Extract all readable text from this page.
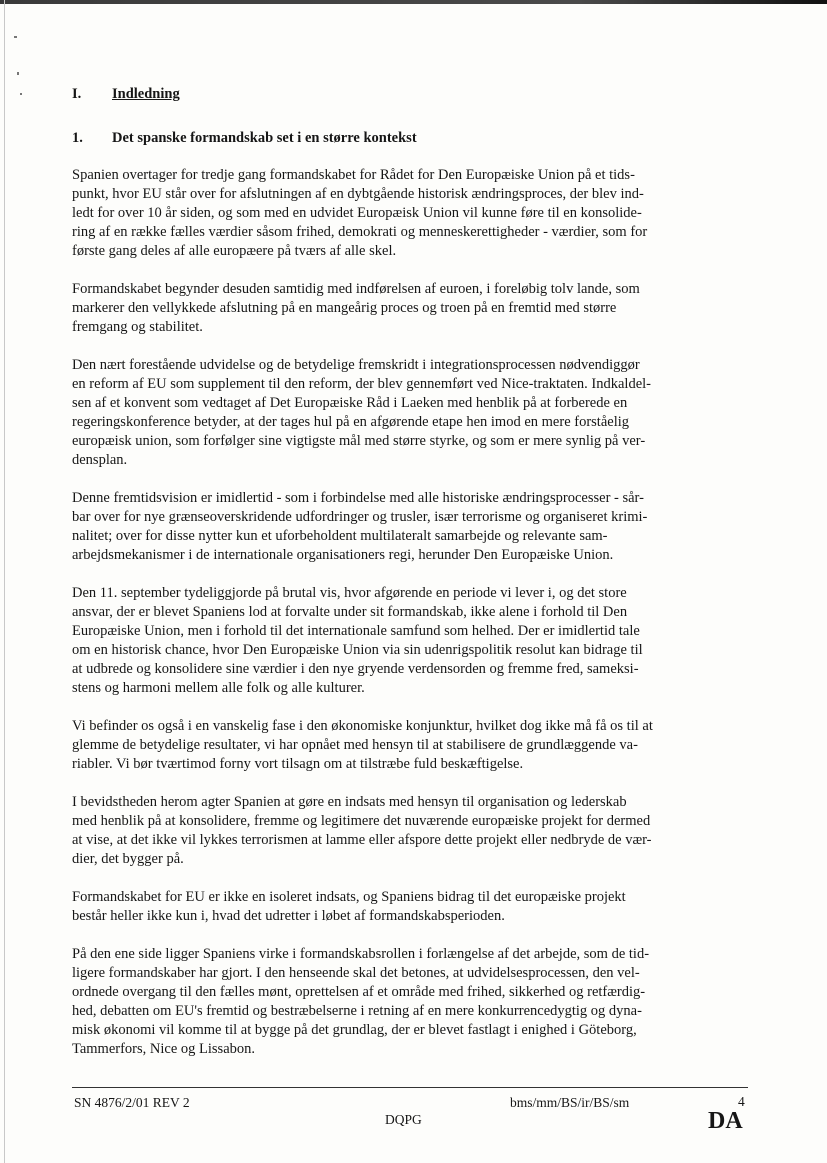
I.	Indledning
1.	Det spanske formandskab set i en større kontekst

Spanien overtager for tredje gang formandskabet for Rådet for Den Europæiske Union på et tids-
punkt, hvor EU står over for afslutningen af en dybtgående historisk ændringsproces, der blev ind-
ledt for over 10 år siden, og som med en udvidet Europæisk Union vil kunne føre til en konsolide-
ring af en række fælles værdier såsom frihed, demokrati og menneskerettigheder - værdier, som for
første gang deles af alle europæere på tværs af alle skel.

Formandskabet begynder desuden samtidig med indførelsen af euroen, i foreløbig tolv lande, som
markerer den vellykkede afslutning på en mangeårig proces og troen på en fremtid med større
fremgang og stabilitet.

Den nært forestående udvidelse og de betydelige fremskridt i integrationsprocessen nødvendiggør
en reform af EU som supplement til den reform, der blev gennemført ved Nice-traktaten. Indkaldel-
sen af et konvent som vedtaget af Det Europæiske Råd i Laeken med henblik på at forberede en
regeringskonference betyder, at der tages hul på en afgørende etape hen imod en mere forståelig
europæisk union, som forfølger sine vigtigste mål med større styrke, og som er mere synlig på ver-
densplan.

Denne fremtidsvision er imidlertid - som i forbindelse med alle historiske ændringsprocesser - sår-
bar over for nye grænseoverskridende udfordringer og trusler, især terrorisme og organiseret krimi-
nalitet; over for disse nytter kun et uforbeholdent multilateralt samarbejde og relevante sam-
arbejdsmekanismer i de internationale organisationers regi, herunder Den Europæiske Union.

Den 11. september tydeliggjorde på brutal vis, hvor afgørende en periode vi lever i, og det store
ansvar, der er blevet Spaniens lod at forvalte under sit formandskab, ikke alene i forhold til Den
Europæiske Union, men i forhold til det internationale samfund som helhed. Der er imidlertid tale
om en historisk chance, hvor Den Europæiske Union via sin udenrigspolitik resolut kan bidrage til
at udbrede og konsolidere sine værdier i den nye gryende verdensorden og fremme fred, sameksi-
stens og harmoni mellem alle folk og alle kulturer.

Vi befinder os også i en vanskelig fase i den økonomiske konjunktur, hvilket dog ikke må få os til at
glemme de betydelige resultater, vi har opnået med hensyn til at stabilisere de grundlæggende va-
riabler. Vi bør tværtimod forny vort tilsagn om at tilstræbe fuld beskæftigelse.

I bevidstheden herom agter Spanien at gøre en indsats med hensyn til organisation og lederskab
med henblik på at konsolidere, fremme og legitimere det nuværende europæiske projekt for dermed
at vise, at det ikke vil lykkes terrorismen at lamme eller afspore dette projekt eller nedbryde de vær-
dier, det bygger på.

Formandskabet for EU er ikke en isoleret indsats, og Spaniens bidrag til det europæiske projekt
består heller ikke kun i, hvad det udretter i løbet af formandskabsperioden.

På den ene side ligger Spaniens virke i formandskabsrollen i forlængelse af det arbejde, som de tid-
ligere formandskaber har gjort. I den henseende skal det betones, at udvidelsesprocessen, den vel-
ordnede overgang til den fælles mønt, oprettelsen af et område med frihed, sikkerhed og retfærdig-
hed, debatten om EU's fremtid og bestræbelserne i retning af en mere konkurrencedygtig og dyna-
misk økonomi vil komme til at bygge på det grundlag, der er blevet fastlagt i enighed i Göteborg,
Tammerfors, Nice og Lissabon.

SN 4876/2/01 REV 2	bms/mm/BS/ir/BS/sm	4
DQPG	DA
